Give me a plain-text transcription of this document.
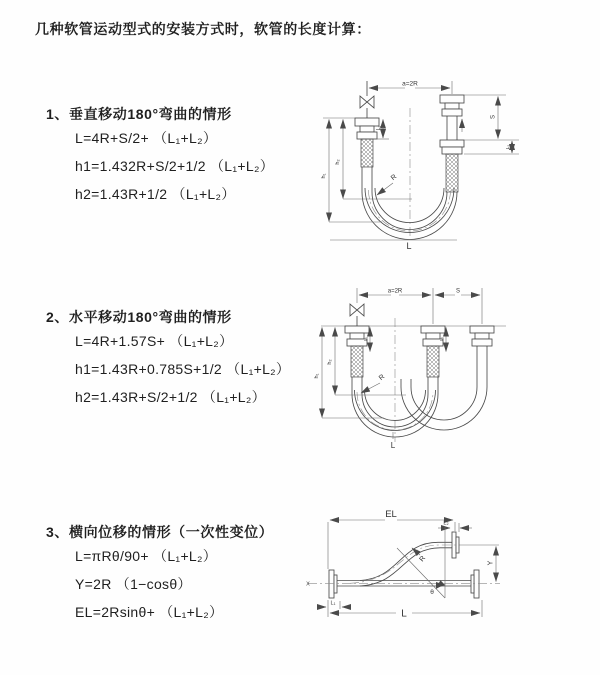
几种软管运动型式的安装方式时，软管的长度计算：
1、垂直移动180°弯曲的情形
L=4R+S/2+ （L₁+L₂）
h1=1.432R+S/2+1/2 （L₁+L₂）
h2=1.43R+1/2 （L₁+L₂）
2、水平移动180°弯曲的情形
L=4R+1.57S+ （L₁+L₂）
h1=1.43R+0.785S+1/2 （L₁+L₂）
h2=1.43R+S/2+1/2 （L₁+L₂）
3、横向位移的情形（一次性变位）
L=πRθ/90+ （L₁+L₂）
Y=2R （1−cosθ）
EL=2Rsinθ+ （L₁+L₂）
a=2R
h₂
h₁
L₁
S
L₂
R
L
a=2R	S
L₁	L₂
h₂
h₁	R
L
EL
L₂
X
Y
θ
R
L₁
L
